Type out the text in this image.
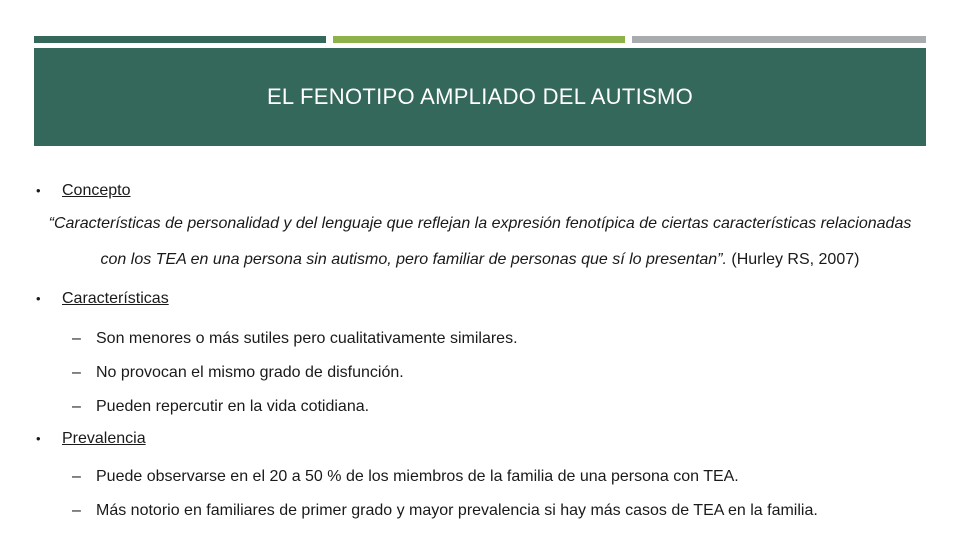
EL FENOTIPO AMPLIADO DEL AUTISMO
•	Concepto
“Características de personalidad y del lenguaje que reflejan la expresión fenotípica de ciertas características relacionadas con los TEA en una persona sin autismo, pero familiar de personas que sí lo presentan”. (Hurley RS, 2007)
•	Características
– Son menores o más sutiles pero cualitativamente similares.
– No provocan el mismo grado de disfunción.
– Pueden repercutir en la vida cotidiana.
•	Prevalencia
– Puede observarse en el 20 a 50 % de los miembros de la familia de una persona con TEA.
– Más notorio en familiares de primer grado y mayor prevalencia si hay más casos de TEA en la familia.
